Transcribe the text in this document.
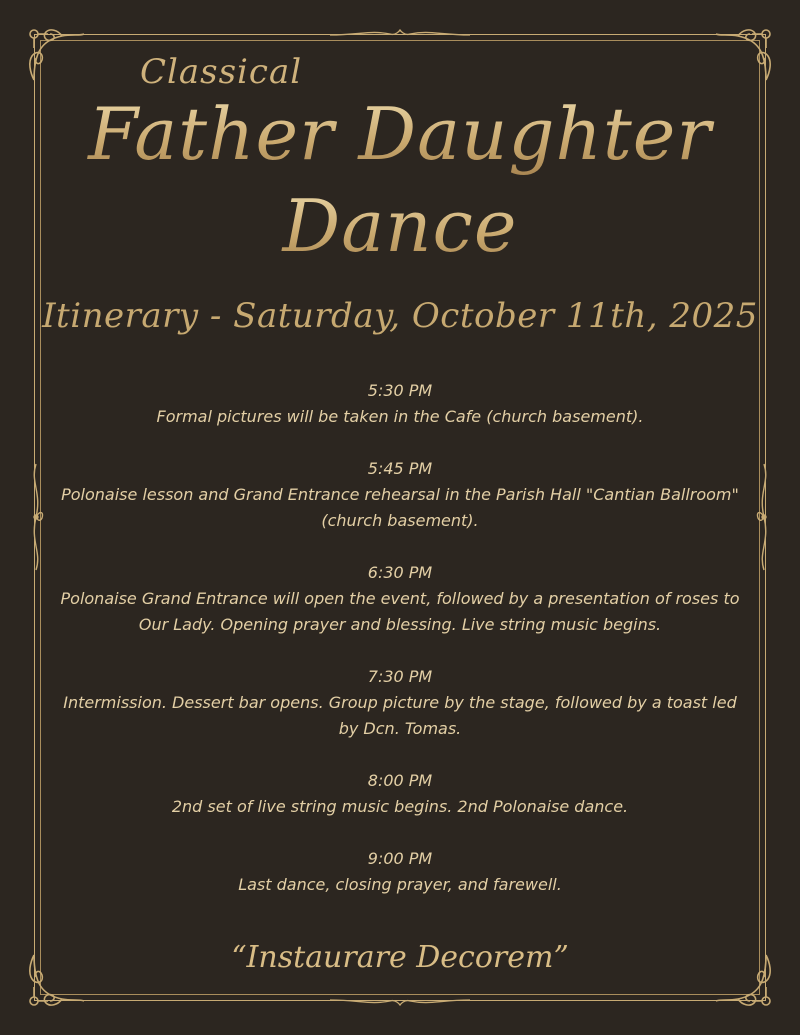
Classical

Father Daughter

Dance

Itinerary - Saturday, October 11th, 2025

5:30 PM
Formal pictures will be taken in the Cafe (church basement).
5:45 PM
Polonaise lesson and Grand Entrance rehearsal in the Parish Hall "Cantian Ballroom" (church basement).
6:30 PM
Polonaise Grand Entrance will open the event, followed by a presentation of roses to Our Lady. Opening prayer and blessing. Live string music begins.
7:30 PM
Intermission. Dessert bar opens. Group picture by the stage, followed by a toast led by Dcn. Tomas.
8:00 PM
2nd set of live string music begins. 2nd Polonaise dance.
9:00 PM
Last dance, closing prayer, and farewell.

“Instaurare Decorem”
